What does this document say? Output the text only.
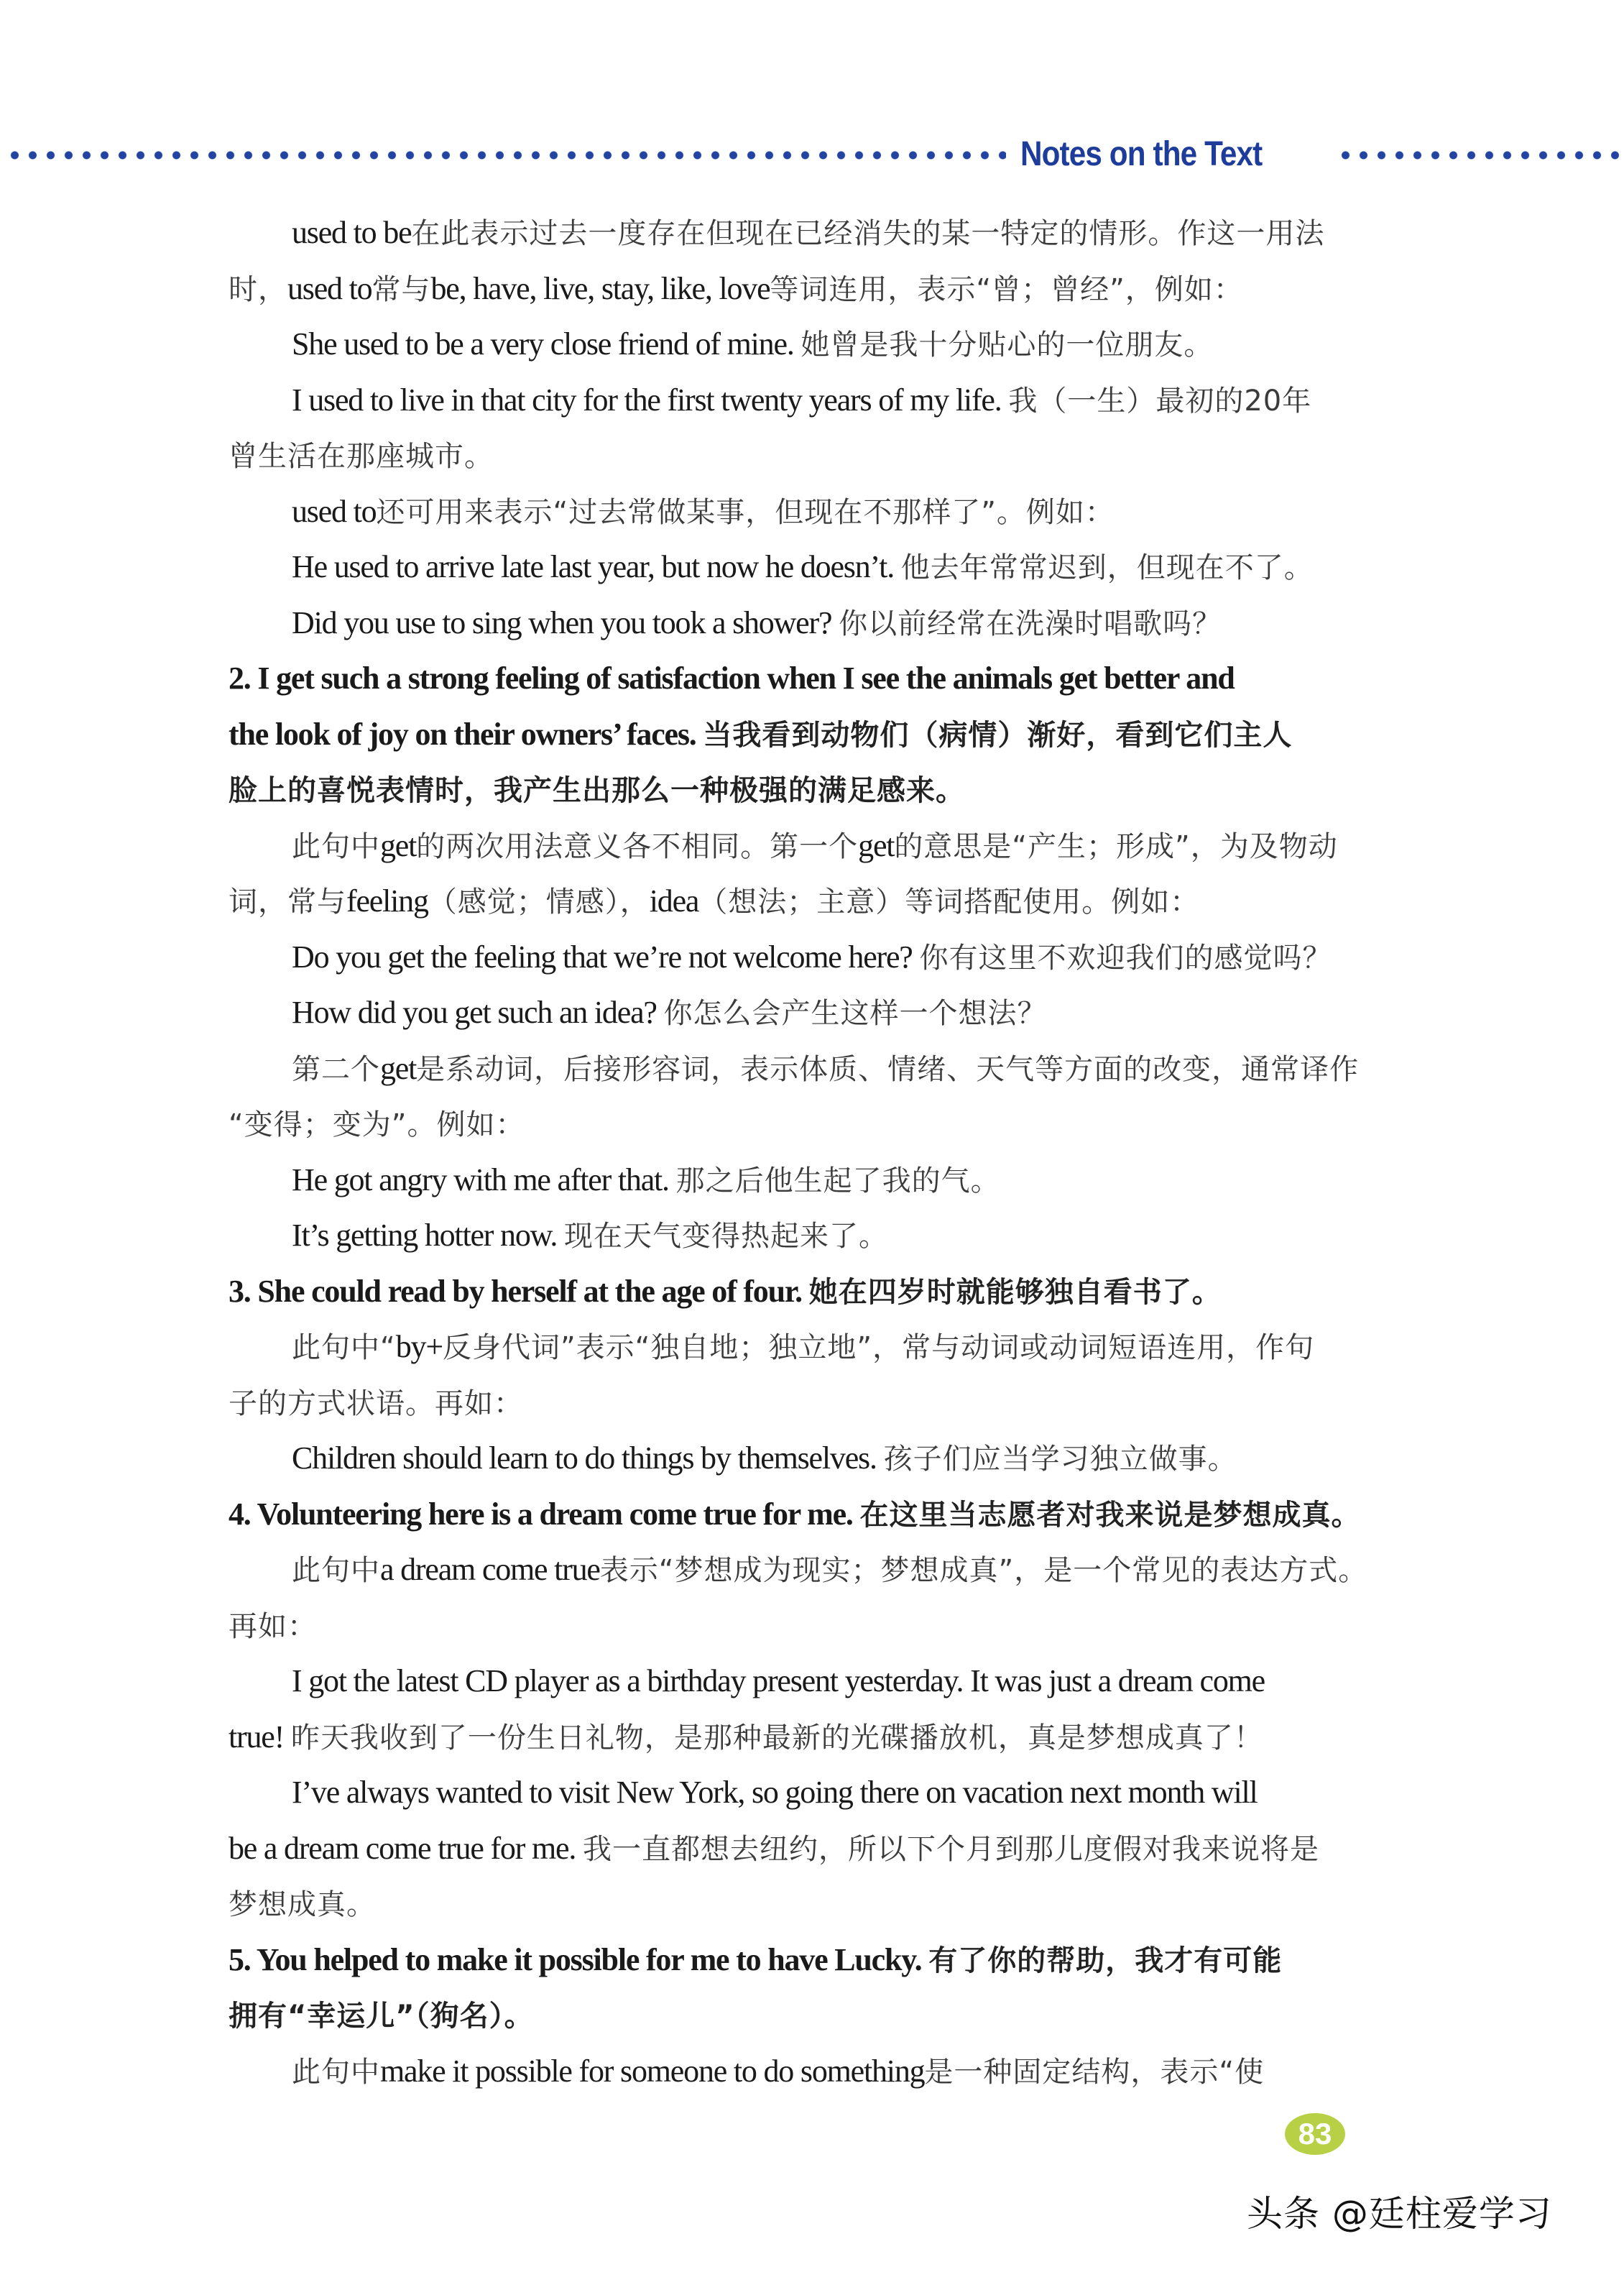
Notes on the Text
used to be在此表示过去一度存在但现在已经消失的某一特定的情形。作这一用法
时，used to常与be, have, live, stay, like, love等词连用，表示“曾；曾经”，例如：
She used to be a very close friend of mine. 她曾是我十分贴心的一位朋友。
I used to live in that city for the first twenty years of my life. 我（一生）最初的20年
曾生活在那座城市。
used to还可用来表示“过去常做某事，但现在不那样了”。例如：
He used to arrive late last year, but now he doesn’t. 他去年常常迟到，但现在不了。
Did you use to sing when you took a shower? 你以前经常在洗澡时唱歌吗？
2. I get such a strong feeling of satisfaction when I see the animals get better and
the look of joy on their owners’ faces. 当我看到动物们（病情）渐好，看到它们主人
脸上的喜悦表情时，我产生出那么一种极强的满足感来。
此句中get的两次用法意义各不相同。第一个get的意思是“产生；形成”，为及物动
词，常与feeling（感觉；情感），idea（想法；主意）等词搭配使用。例如：
Do you get the feeling that we’re not welcome here? 你有这里不欢迎我们的感觉吗？
How did you get such an idea? 你怎么会产生这样一个想法？
第二个get是系动词，后接形容词，表示体质、情绪、天气等方面的改变，通常译作
“变得；变为”。例如：
He got angry with me after that. 那之后他生起了我的气。
It’s getting hotter now. 现在天气变得热起来了。
3. She could read by herself at the age of four. 她在四岁时就能够独自看书了。
此句中“by+反身代词”表示“独自地；独立地”，常与动词或动词短语连用，作句
子的方式状语。再如：
Children should learn to do things by themselves. 孩子们应当学习独立做事。
4. Volunteering here is a dream come true for me. 在这里当志愿者对我来说是梦想成真。
此句中a dream come true表示“梦想成为现实；梦想成真”，是一个常见的表达方式。
再如：
I got the latest CD player as a birthday present yesterday. It was just a dream come
true! 昨天我收到了一份生日礼物，是那种最新的光碟播放机，真是梦想成真了！
I’ve always wanted to visit New York, so going there on vacation next month will
be a dream come true for me. 我一直都想去纽约，所以下个月到那儿度假对我来说将是
梦想成真。
5. You helped to make it possible for me to have Lucky. 有了你的帮助，我才有可能
拥有“幸运儿”（狗名）。
此句中make it possible for someone to do something是一种固定结构，表示“使
83
头条 @廷柱爱学习
